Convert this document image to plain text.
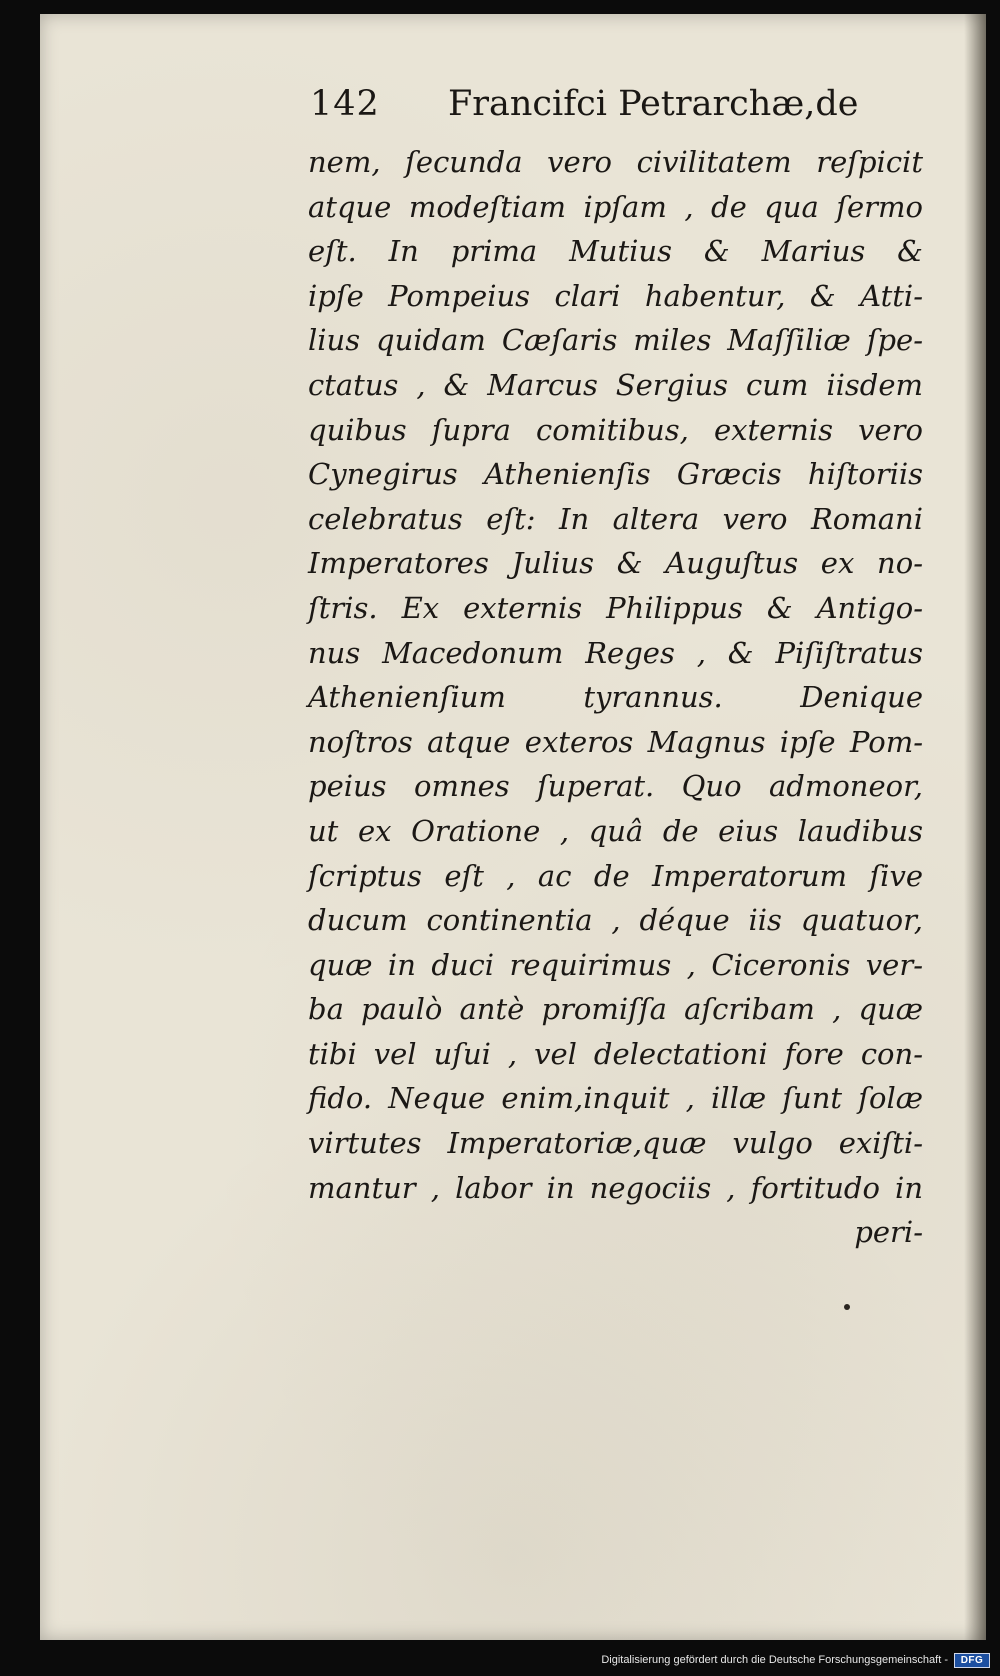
142 Francifci Petrarchæ,de
nem, ſecunda vero civilitatem reſpicit
atque modeſtiam ipſam , de qua ſermo
eſt. In prima Mutius & Marius &
ipſe Pompeius clari habentur, & Atti-
lius quidam Cæſaris miles Maſſiliæ ſpe-
ctatus , & Marcus Sergius cum iisdem
quibus ſupra comitibus, externis vero
Cynegirus Athenienſis Græcis hiſtoriis
celebratus eſt: In altera vero Romani
Imperatores Julius & Auguſtus ex no-
ſtris. Ex externis Philippus & Antigo-
nus Macedonum Reges , & Piſiſtratus
Athenienſium tyrannus. Denique
noſtros atque exteros Magnus ipſe Pom-
peius omnes ſuperat. Quo admoneor,
ut ex Oratione , quâ de eius laudibus
ſcriptus eſt , ac de Imperatorum ſive
ducum continentia , déque iis quatuor,
quæ in duci requirimus , Ciceronis ver-
ba paulò antè promiſſa aſcribam , quæ
tibi vel uſui , vel delectationi fore con-
fido. Neque enim,inquit , illæ ſunt ſolæ
virtutes Imperatoriæ,quæ vulgo exiſti-
mantur , labor in negociis , fortitudo in
peri-
Digitalisierung gefördert durch die Deutsche Forschungsgemeinschaft -	DFG
